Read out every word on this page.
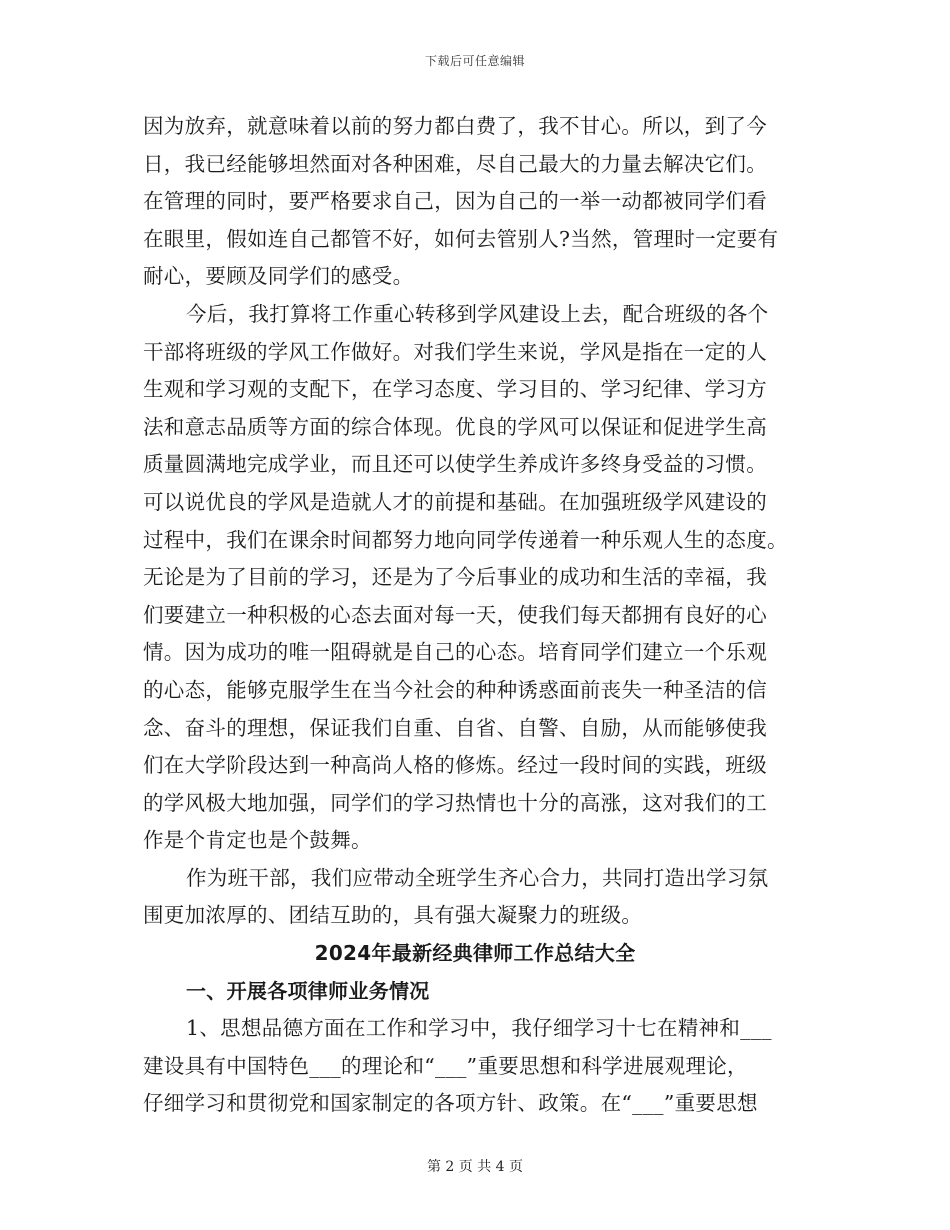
下载后可任意编辑
因为放弃，就意味着以前的努力都白费了，我不甘心。所以，到了今
日，我已经能够坦然面对各种困难，尽自己最大的力量去解决它们。
在管理的同时，要严格要求自己，因为自己的一举一动都被同学们看
在眼里，假如连自己都管不好，如何去管别人?当然，管理时一定要有
耐心，要顾及同学们的感受。
今后，我打算将工作重心转移到学风建设上去，配合班级的各个
干部将班级的学风工作做好。对我们学生来说，学风是指在一定的人
生观和学习观的支配下，在学习态度、学习目的、学习纪律、学习方
法和意志品质等方面的综合体现。优良的学风可以保证和促进学生高
质量圆满地完成学业，而且还可以使学生养成许多终身受益的习惯。
可以说优良的学风是造就人才的前提和基础。在加强班级学风建设的
过程中，我们在课余时间都努力地向同学传递着一种乐观人生的态度。
无论是为了目前的学习，还是为了今后事业的成功和生活的幸福，我
们要建立一种积极的心态去面对每一天，使我们每天都拥有良好的心
情。因为成功的唯一阻碍就是自己的心态。培育同学们建立一个乐观
的心态，能够克服学生在当今社会的种种诱惑面前丧失一种圣洁的信
念、奋斗的理想，保证我们自重、自省、自警、自励，从而能够使我
们在大学阶段达到一种高尚人格的修炼。经过一段时间的实践，班级
的学风极大地加强，同学们的学习热情也十分的高涨，这对我们的工
作是个肯定也是个鼓舞。
作为班干部，我们应带动全班学生齐心合力，共同打造出学习氛
围更加浓厚的、团结互助的，具有强大凝聚力的班级。
2024年最新经典律师工作总结大全
一、开展各项律师业务情况
1、思想品德方面在工作和学习中，我仔细学习十七在精神和___
建设具有中国特色___的理论和“___”重要思想和科学进展观理论，
仔细学习和贯彻党和国家制定的各项方针、政策。在“___”重要思想
第 2 页 共 4 页
